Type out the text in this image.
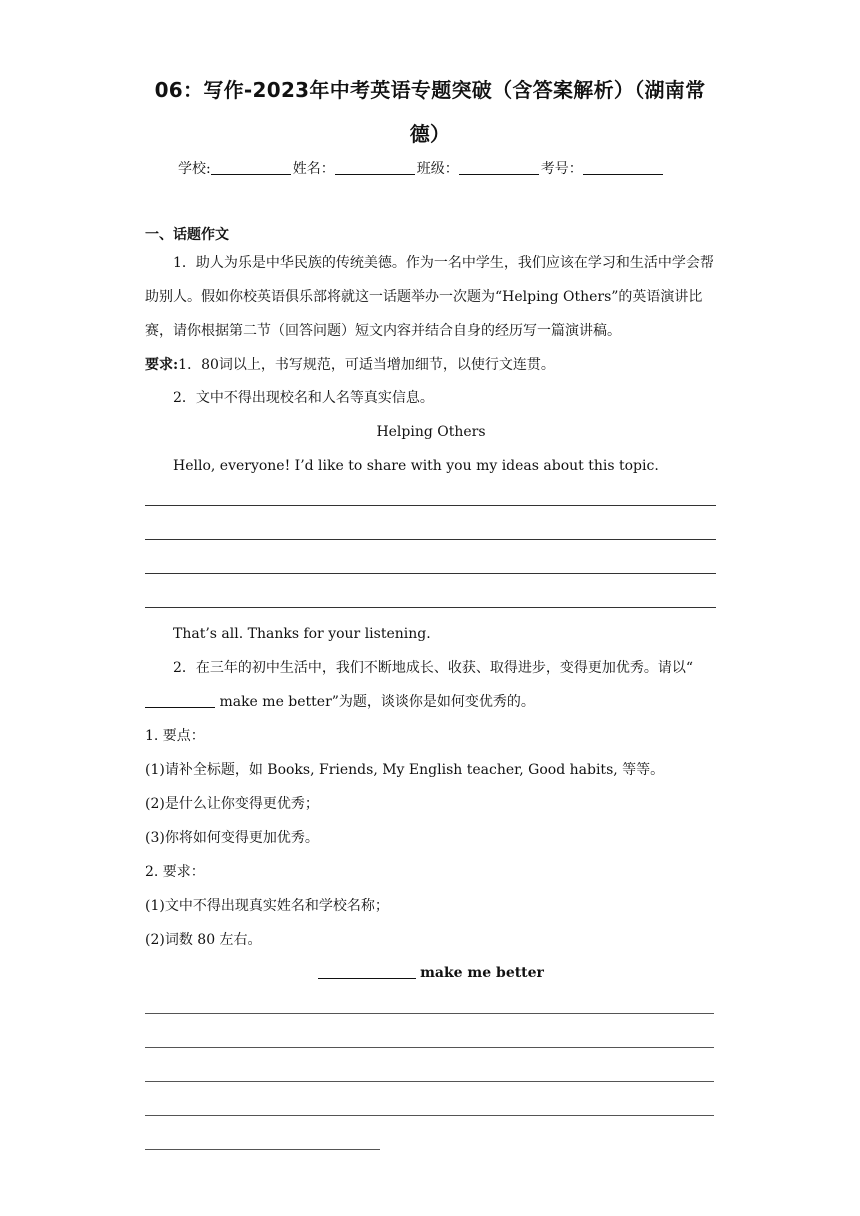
06：写作-2023年中考英语专题突破（含答案解析）（湖南常德）
学校:	姓名：	班级：	考号：
一、话题作文
1．助人为乐是中华民族的传统美德。作为一名中学生，我们应该在学习和生活中学会帮助别人。假如你校英语俱乐部将就这一话题举办一次题为“Helping Others”的英语演讲比赛，请你根据第二节（回答问题）短文内容并结合自身的经历写一篇演讲稿。
要求:1．80词以上，书写规范，可适当增加细节，以使行文连贯。
2．文中不得出现校名和人名等真实信息。
Helping Others
Hello, everyone! I’d like to share with you my ideas about this topic.
That’s all. Thanks for your listening.
2．在三年的初中生活中，我们不断地成长、收获、取得进步，变得更加优秀。请以“ make me better”为题，谈谈你是如何变优秀的。
1. 要点：
(1)请补全标题，如 Books, Friends, My English teacher, Good habits, 等等。
(2)是什么让你变得更优秀；
(3)你将如何变得更加优秀。
2. 要求：
(1)文中不得出现真实姓名和学校名称；
(2)词数 80 左右。
make me better
